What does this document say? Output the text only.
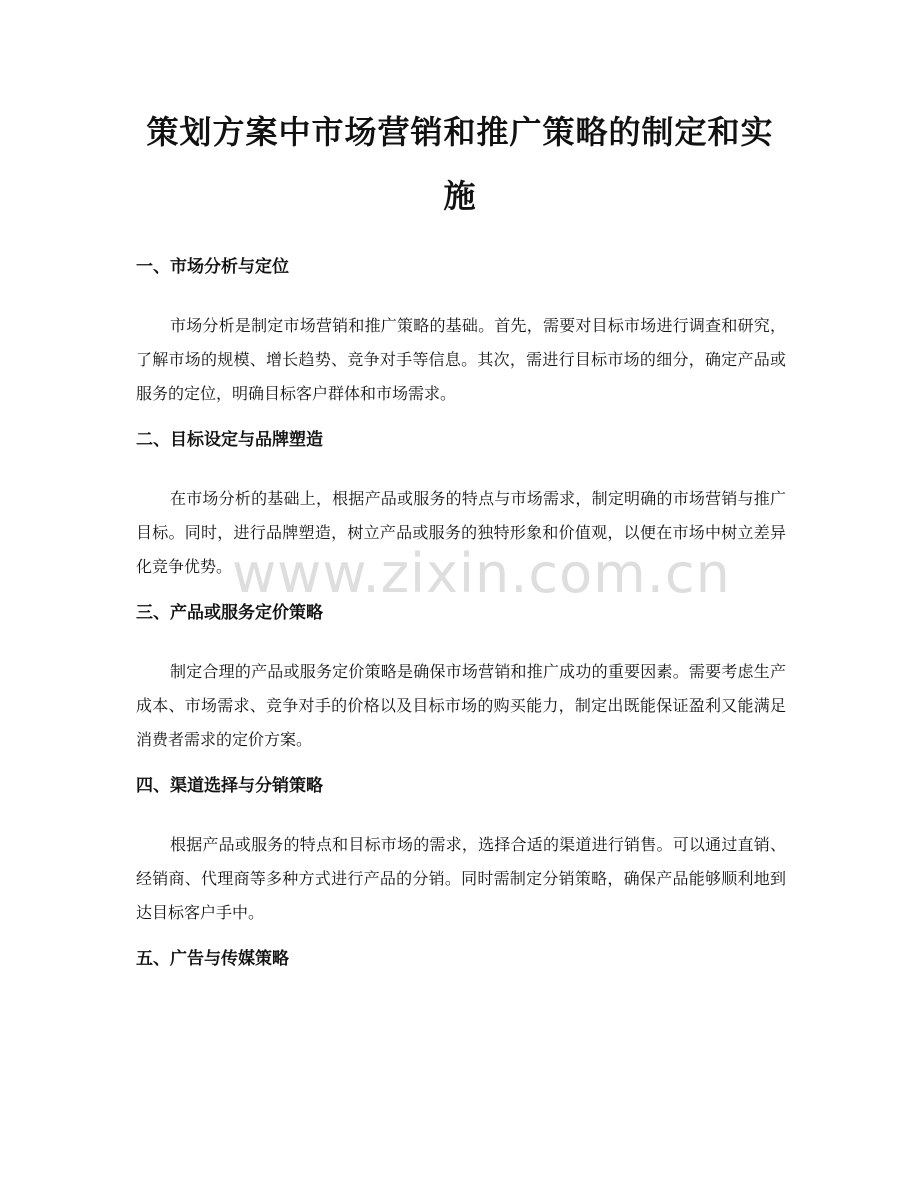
策划方案中市场营销和推广策略的制定和实施
一、市场分析与定位

市场分析是制定市场营销和推广策略的基础。首先，需要对目标市场进行调查和研究，了解市场的规模、增长趋势、竞争对手等信息。其次，需进行目标市场的细分，确定产品或服务的定位，明确目标客户群体和市场需求。

二、目标设定与品牌塑造

在市场分析的基础上，根据产品或服务的特点与市场需求，制定明确的市场营销与推广目标。同时，进行品牌塑造，树立产品或服务的独特形象和价值观，以便在市场中树立差异化竞争优势。

三、产品或服务定价策略

制定合理的产品或服务定价策略是确保市场营销和推广成功的重要因素。需要考虑生产成本、市场需求、竞争对手的价格以及目标市场的购买能力，制定出既能保证盈利又能满足消费者需求的定价方案。

四、渠道选择与分销策略

根据产品或服务的特点和目标市场的需求，选择合适的渠道进行销售。可以通过直销、经销商、代理商等多种方式进行产品的分销。同时需制定分销策略，确保产品能够顺利地到达目标客户手中。

五、广告与传媒策略
www.zixin.com.cn
